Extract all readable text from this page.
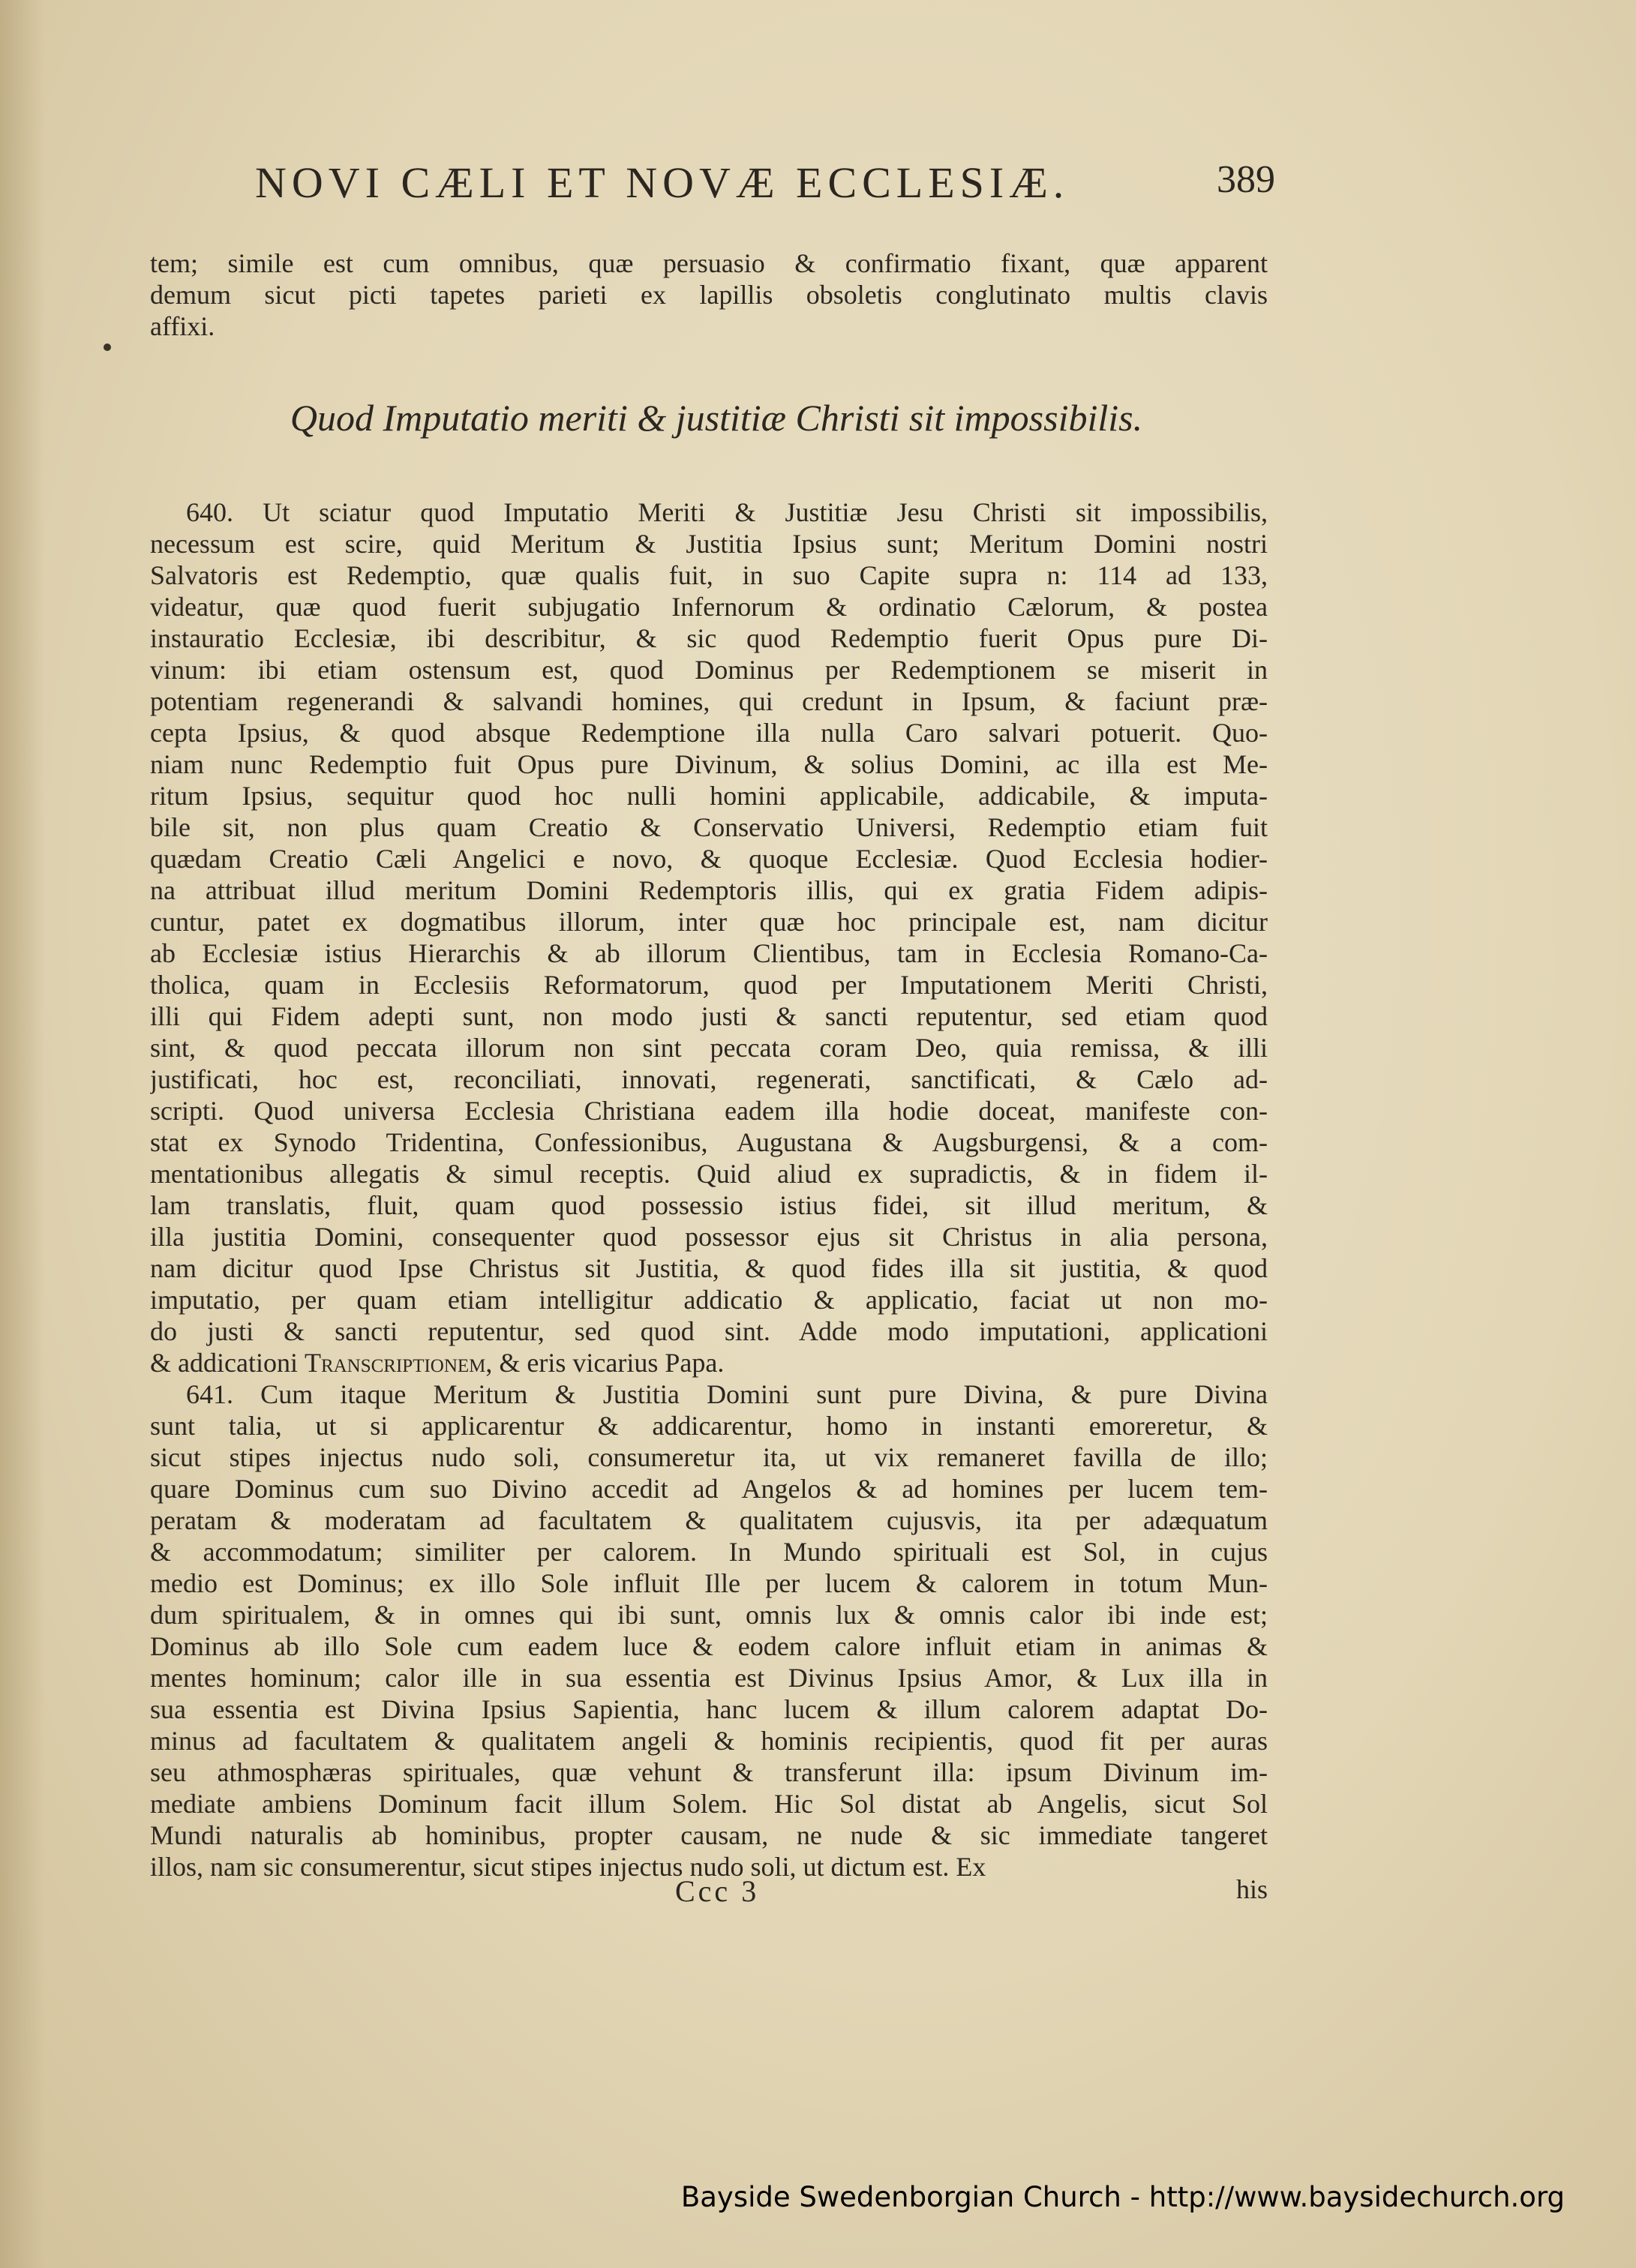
NOVI CÆLI ET NOVÆ ECCLESIÆ.	389
tem; simile est cum omnibus, quæ persuasio & confirmatio fixant, quæ apparent
demum sicut picti tapetes parieti ex lapillis obsoletis conglutinato multis clavis
affixi.
Quod Imputatio meriti & justitiæ Christi sit impossibilis.
640. Ut sciatur quod Imputatio Meriti & Justitiæ Jesu Christi sit impossibilis,
necessum est scire, quid Meritum & Justitia Ipsius sunt; Meritum Domini nostri
Salvatoris est Redemptio, quæ qualis fuit, in suo Capite supra n: 114 ad 133,
videatur, quæ quod fuerit subjugatio Infernorum & ordinatio Cælorum, & postea
instauratio Ecclesiæ, ibi describitur, & sic quod Redemptio fuerit Opus pure Di-
vinum: ibi etiam ostensum est, quod Dominus per Redemptionem se miserit in
potentiam regenerandi & salvandi homines, qui credunt in Ipsum, & faciunt præ-
cepta Ipsius, & quod absque Redemptione illa nulla Caro salvari potuerit. Quo-
niam nunc Redemptio fuit Opus pure Divinum, & solius Domini, ac illa est Me-
ritum Ipsius, sequitur quod hoc nulli homini applicabile, addicabile, & imputa-
bile sit, non plus quam Creatio & Conservatio Universi, Redemptio etiam fuit
quædam Creatio Cæli Angelici e novo, & quoque Ecclesiæ. Quod Ecclesia hodier-
na attribuat illud meritum Domini Redemptoris illis, qui ex gratia Fidem adipis-
cuntur, patet ex dogmatibus illorum, inter quæ hoc principale est, nam dicitur
ab Ecclesiæ istius Hierarchis & ab illorum Clientibus, tam in Ecclesia Romano-Ca-
tholica, quam in Ecclesiis Reformatorum, quod per Imputationem Meriti Christi,
illi qui Fidem adepti sunt, non modo justi & sancti reputentur, sed etiam quod
sint, & quod peccata illorum non sint peccata coram Deo, quia remissa, & illi
justificati, hoc est, reconciliati, innovati, regenerati, sanctificati, & Cælo ad-
scripti. Quod universa Ecclesia Christiana eadem illa hodie doceat, manifeste con-
stat ex Synodo Tridentina, Confessionibus, Augustana & Augsburgensi, & a com-
mentationibus allegatis & simul receptis. Quid aliud ex supradictis, & in fidem il-
lam translatis, fluit, quam quod possessio istius fidei, sit illud meritum, &
illa justitia Domini, consequenter quod possessor ejus sit Christus in alia persona,
nam dicitur quod Ipse Christus sit Justitia, & quod fides illa sit justitia, & quod
imputatio, per quam etiam intelligitur addicatio & applicatio, faciat ut non mo-
do justi & sancti reputentur, sed quod sint. Adde modo imputationi, applicationi
& addicationi Transcriptionem, & eris vicarius Papa.
641. Cum itaque Meritum & Justitia Domini sunt pure Divina, & pure Divina
sunt talia, ut si applicarentur & addicarentur, homo in instanti emoreretur, &
sicut stipes injectus nudo soli, consumeretur ita, ut vix remaneret favilla de illo;
quare Dominus cum suo Divino accedit ad Angelos & ad homines per lucem tem-
peratam & moderatam ad facultatem & qualitatem cujusvis, ita per adæquatum
& accommodatum; similiter per calorem. In Mundo spirituali est Sol, in cujus
medio est Dominus; ex illo Sole influit Ille per lucem & calorem in totum Mun-
dum spiritualem, & in omnes qui ibi sunt, omnis lux & omnis calor ibi inde est;
Dominus ab illo Sole cum eadem luce & eodem calore influit etiam in animas &
mentes hominum; calor ille in sua essentia est Divinus Ipsius Amor, & Lux illa in
sua essentia est Divina Ipsius Sapientia, hanc lucem & illum calorem adaptat Do-
minus ad facultatem & qualitatem angeli & hominis recipientis, quod fit per auras
seu athmosphæras spirituales, quæ vehunt & transferunt illa: ipsum Divinum im-
mediate ambiens Dominum facit illum Solem. Hic Sol distat ab Angelis, sicut Sol
Mundi naturalis ab hominibus, propter causam, ne nude & sic immediate tangeret
illos, nam sic consumerentur, sicut stipes injectus nudo soli, ut dictum est. Ex
Ccc 3	his
Bayside Swedenborgian Church - http://www.baysidechurch.org
